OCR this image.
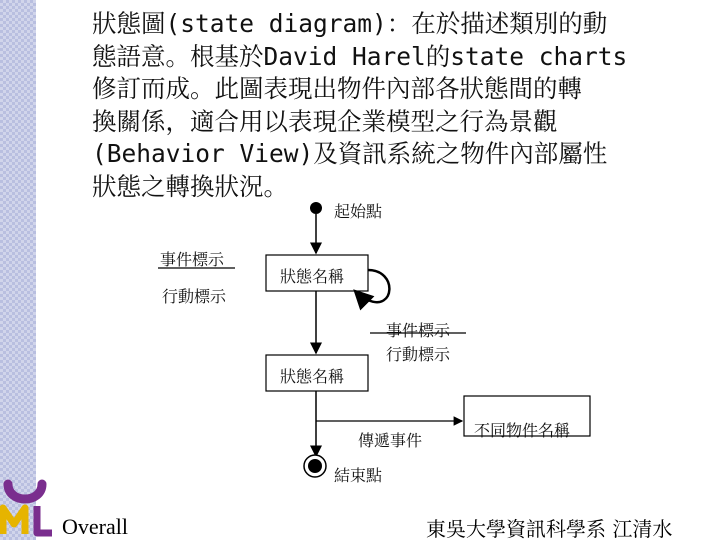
狀態圖(state diagram)：在於描述類別的動
態語意。根基於David Harel的state charts
修訂而成。此圖表現出物件內部各狀態間的轉
換關係，適合用以表現企業模型之行為景觀
(Behavior View)及資訊系統之物件內部屬性
狀態之轉換狀況。
起始點
事件標示
行動標示
狀態名稱
事件標示
行動標示
狀態名稱
傳遞事件
不同物件名稱
結束點
Overall	東吳大學資訊科學系 江清水
